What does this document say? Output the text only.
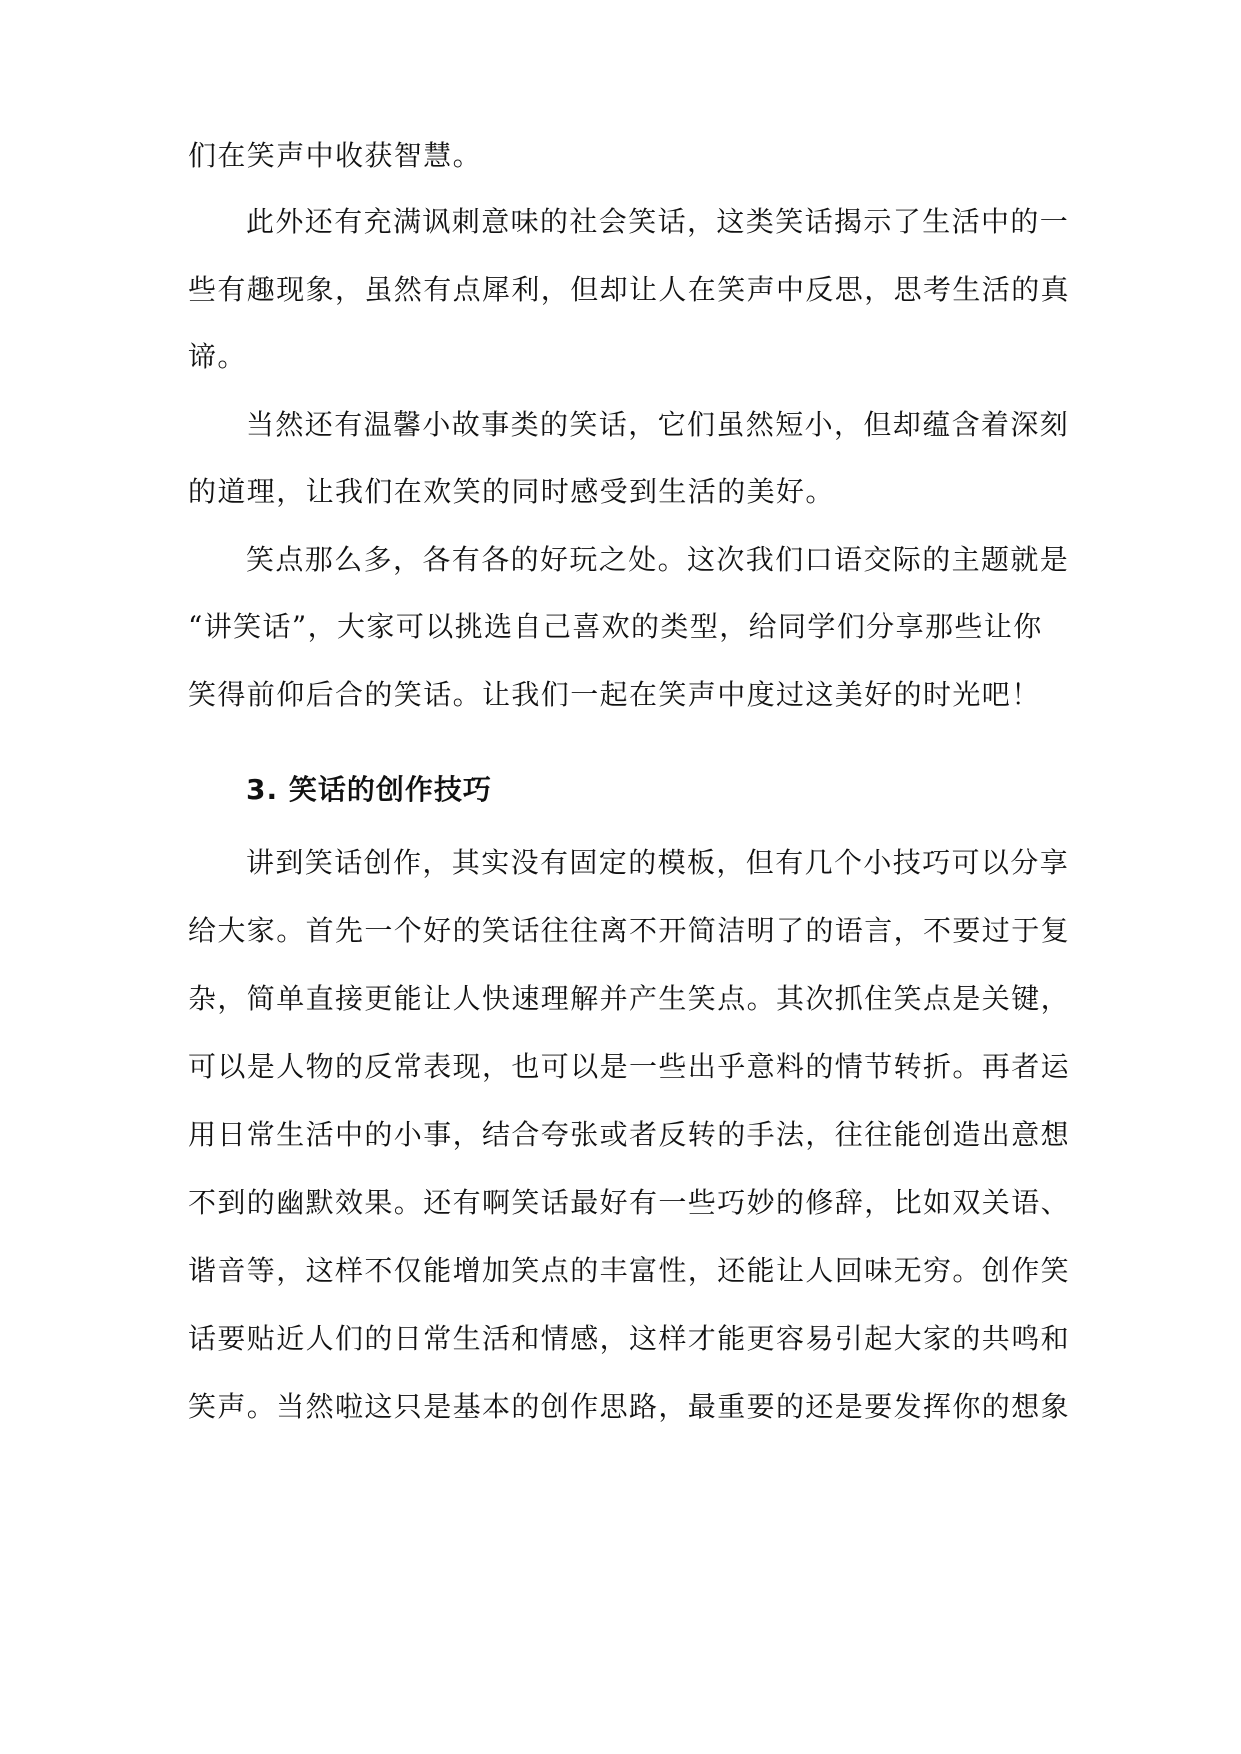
们在笑声中收获智慧。
此外还有充满讽刺意味的社会笑话，这类笑话揭示了生活中的一
些有趣现象，虽然有点犀利，但却让人在笑声中反思，思考生活的真
谛。
当然还有温馨小故事类的笑话，它们虽然短小，但却蕴含着深刻
的道理，让我们在欢笑的同时感受到生活的美好。
笑点那么多，各有各的好玩之处。这次我们口语交际的主题就是
“讲笑话”，大家可以挑选自己喜欢的类型，给同学们分享那些让你
笑得前仰后合的笑话。让我们一起在笑声中度过这美好的时光吧！
3. 笑话的创作技巧
讲到笑话创作，其实没有固定的模板，但有几个小技巧可以分享
给大家。首先一个好的笑话往往离不开简洁明了的语言，不要过于复
杂，简单直接更能让人快速理解并产生笑点。其次抓住笑点是关键，
可以是人物的反常表现，也可以是一些出乎意料的情节转折。再者运
用日常生活中的小事，结合夸张或者反转的手法，往往能创造出意想
不到的幽默效果。还有啊笑话最好有一些巧妙的修辞，比如双关语、
谐音等，这样不仅能增加笑点的丰富性，还能让人回味无穷。创作笑
话要贴近人们的日常生活和情感，这样才能更容易引起大家的共鸣和
笑声。当然啦这只是基本的创作思路，最重要的还是要发挥你的想象
